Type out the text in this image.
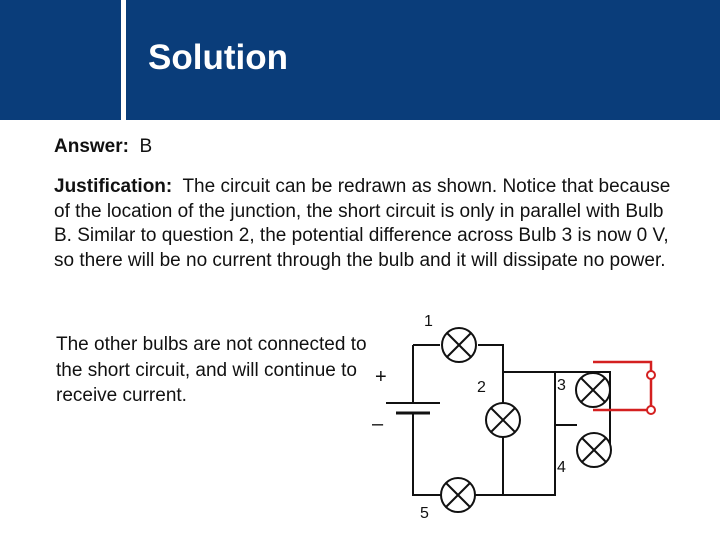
Solution
Answer: B
Justification: The circuit can be redrawn as shown. Notice that because of the location of the junction, the short circuit is only in parallel with Bulb B. Similar to question 2, the potential difference across Bulb 3 is now 0 V, so there will be no current through the bulb and it will dissipate no power.
The other bulbs are not connected to the short circuit, and will continue to receive current.
1
2	3
4
5
+
–
